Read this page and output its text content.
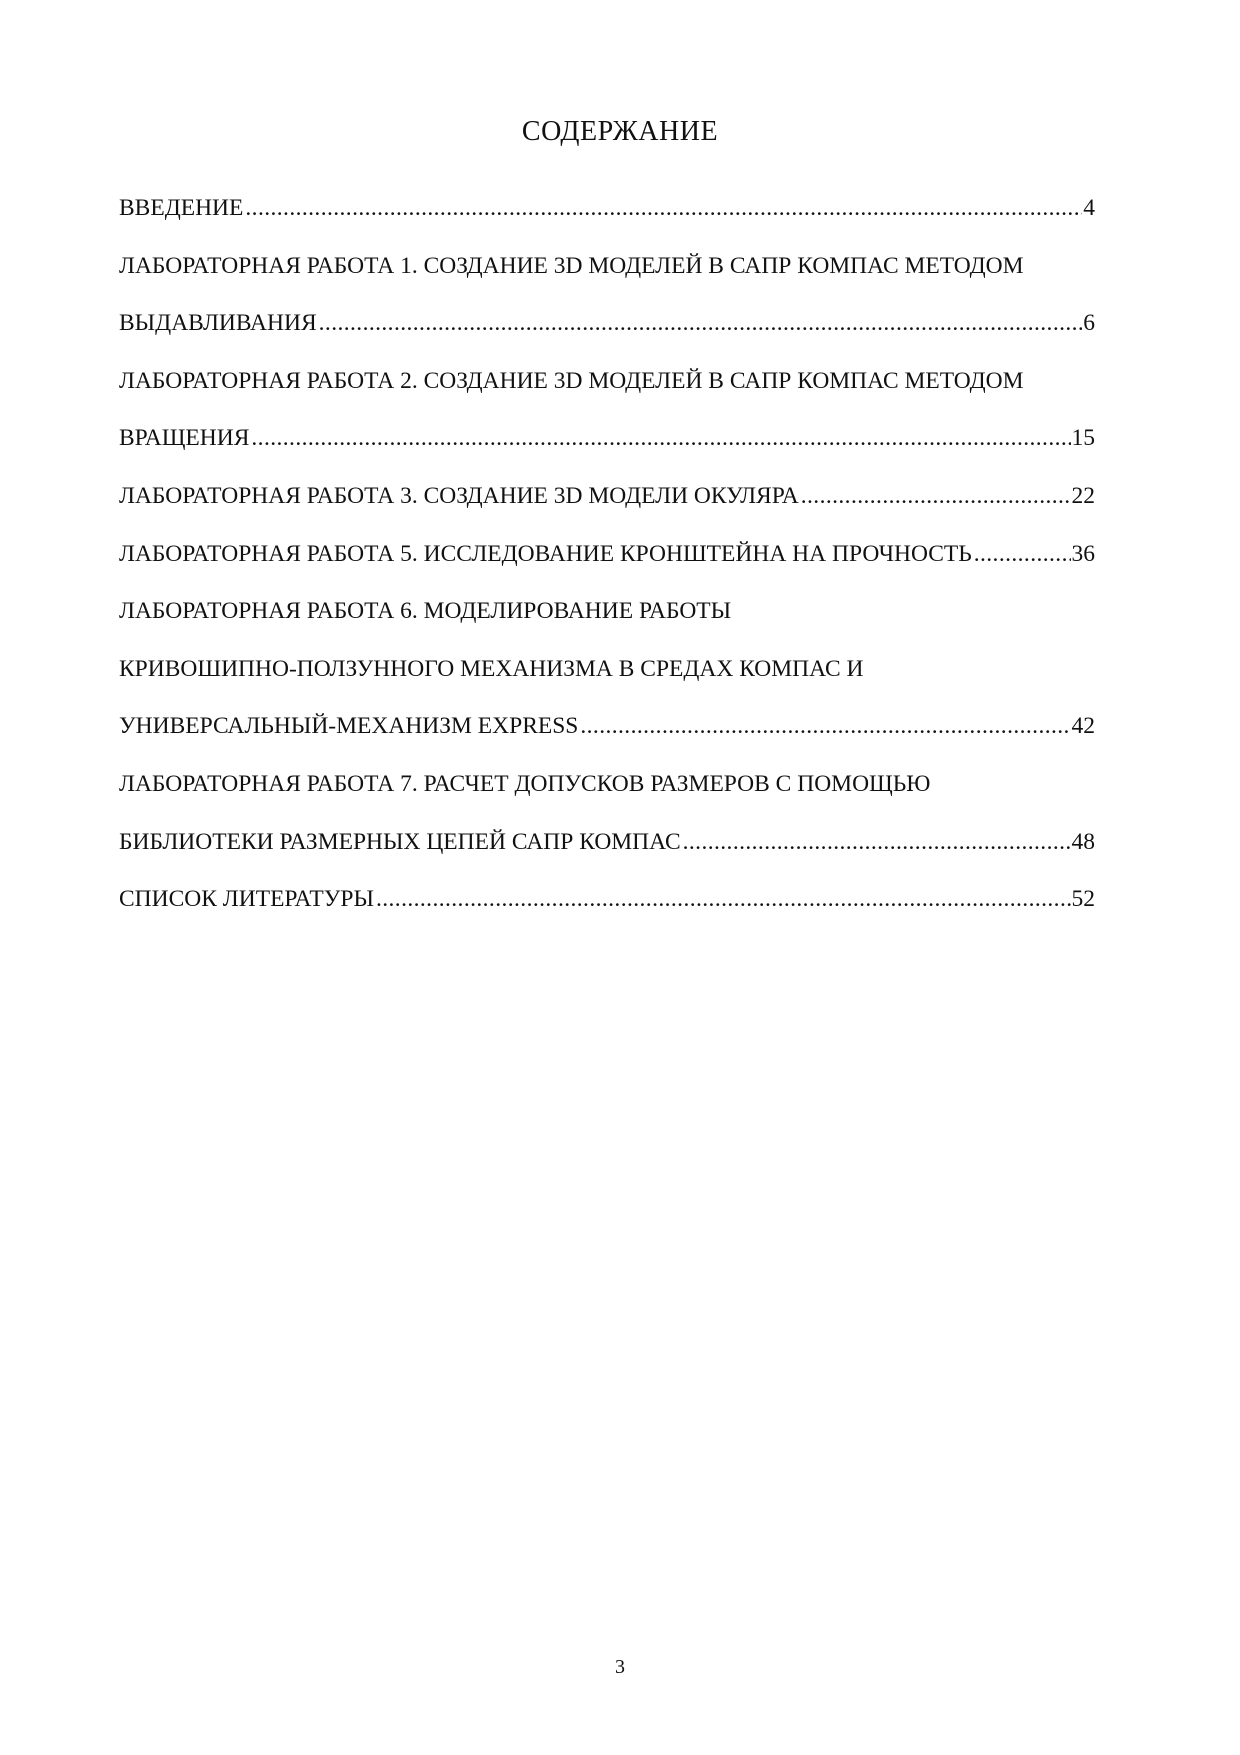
СОДЕРЖАНИЕ
ВВЕДЕНИЕ .....	4
ЛАБОРАТОРНАЯ РАБОТА 1. СОЗДАНИЕ 3D МОДЕЛЕЙ В САПР КОМПАС МЕТОДОМ
ВЫДАВЛИВАНИЯ .....	6
ЛАБОРАТОРНАЯ РАБОТА 2. СОЗДАНИЕ 3D МОДЕЛЕЙ В САПР КОМПАС МЕТОДОМ
ВРАЩЕНИЯ .....	15
ЛАБОРАТОРНАЯ РАБОТА 3. СОЗДАНИЕ 3D МОДЕЛИ ОКУЛЯРА .....	22
ЛАБОРАТОРНАЯ РАБОТА 5. ИССЛЕДОВАНИЕ КРОНШТЕЙНА НА ПРОЧНОСТЬ .....	36
ЛАБОРАТОРНАЯ РАБОТА 6. МОДЕЛИРОВАНИЕ РАБОТЫ
КРИВОШИПНО-ПОЛЗУННОГО МЕХАНИЗМА В СРЕДАХ КОМПАС И
УНИВЕРСАЛЬНЫЙ-МЕХАНИЗМ EXPRESS .....	42
ЛАБОРАТОРНАЯ РАБОТА 7. РАСЧЕТ ДОПУСКОВ РАЗМЕРОВ С ПОМОЩЬЮ
БИБЛИОТЕКИ РАЗМЕРНЫХ ЦЕПЕЙ САПР КОМПАС .....	48
СПИСОК ЛИТЕРАТУРЫ .....	52
3
